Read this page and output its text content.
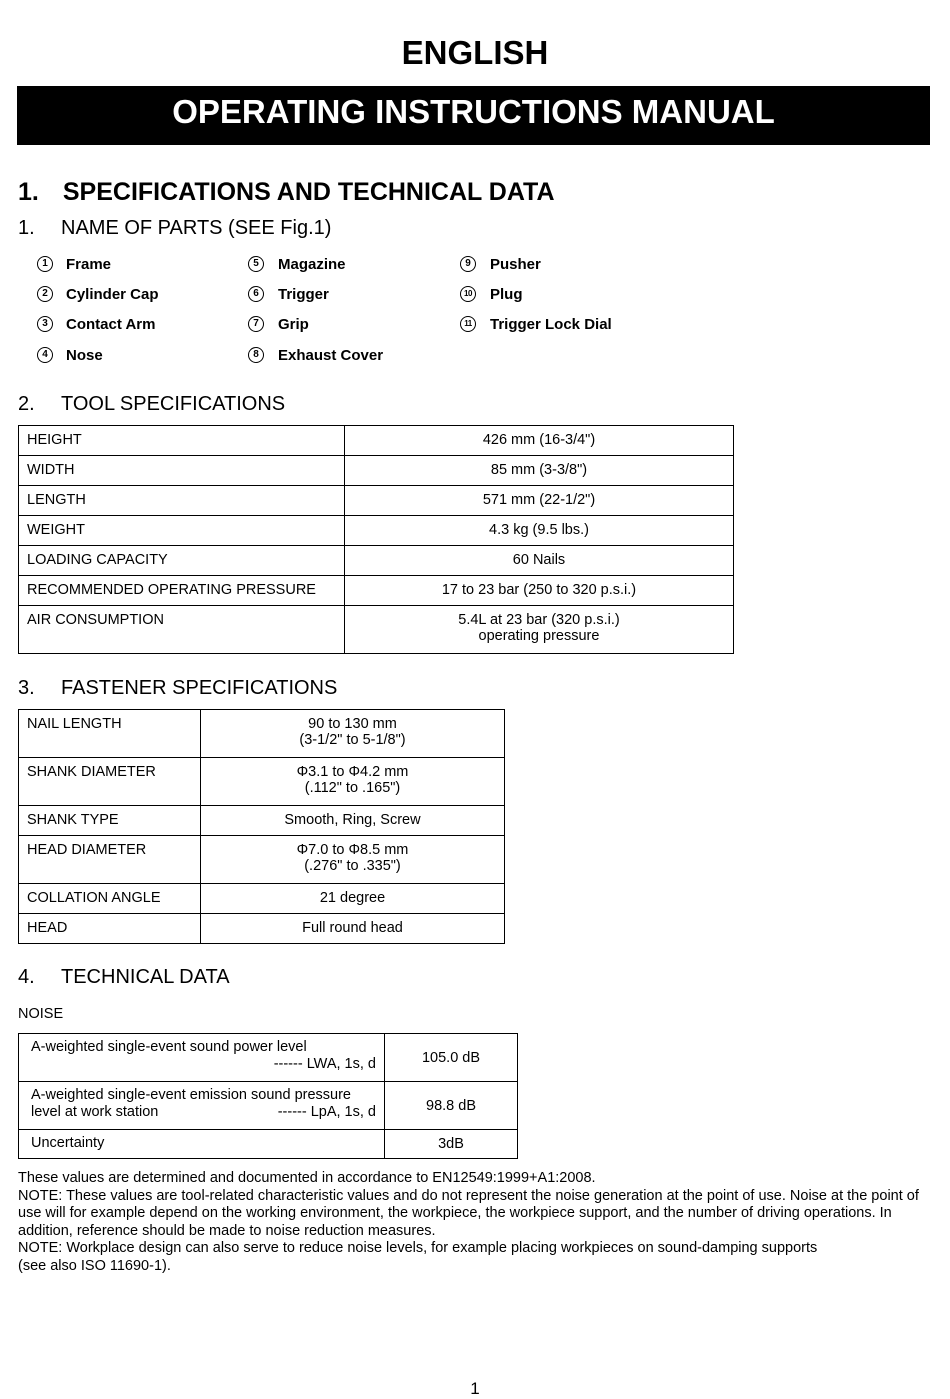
ENGLISH
OPERATING INSTRUCTIONS MANUAL
1. SPECIFICATIONS AND TECHNICAL DATA
1. NAME OF PARTS (SEE Fig.1)
1	Frame
2	Cylinder Cap
3	Contact Arm
4	Nose
5	Magazine
6	Trigger
7	Grip
8	Exhaust Cover
9	Pusher
10 Plug
11 Trigger Lock Dial
2. TOOL SPECIFICATIONS
HEIGHT	426 mm (16-3/4")

WIDTH	85 mm (3-3/8")

LENGTH	571 mm (22-1/2")

WEIGHT	4.3 kg (9.5 lbs.)

LOADING CAPACITY	60 Nails

RECOMMENDED OPERATING PRESSURE	17 to 23 bar (250 to 320 p.s.i.)

AIR CONSUMPTION	5.4L at 23 bar (320 p.s.i.)
operating pressure
3. FASTENER SPECIFICATIONS
NAIL LENGTH	90 to 130 mm
(3-1/2" to 5-1/8")

SHANK DIAMETER	Φ3.1 to Φ4.2 mm
(.112" to .165")

SHANK TYPE	Smooth, Ring, Screw

HEAD DIAMETER	Φ7.0 to Φ8.5 mm
(.276" to .335")

COLLATION ANGLE	21 degree

HEAD	Full round head
4. TECHNICAL DATA
NOISE
A-weighted single-event sound power level
------ LWA, 1s, d	105.0 dB

A-weighted single-event emission sound pressure
level at work station ------ LpA, 1s, d	98.8 dB

Uncertainty	3dB
These values are determined and documented in accordance to EN12549:1999+A1:2008.
NOTE: These values are tool-related characteristic values and do not represent the noise generation at the point of use. Noise at the point of use will for example depend on the working environment, the workpiece, the workpiece support, and the number of driving operations. In addition, reference should be made to noise reduction measures.
NOTE: Workplace design can also serve to reduce noise levels, for example placing workpieces on sound-damping supports
(see also ISO 11690-1).
1
